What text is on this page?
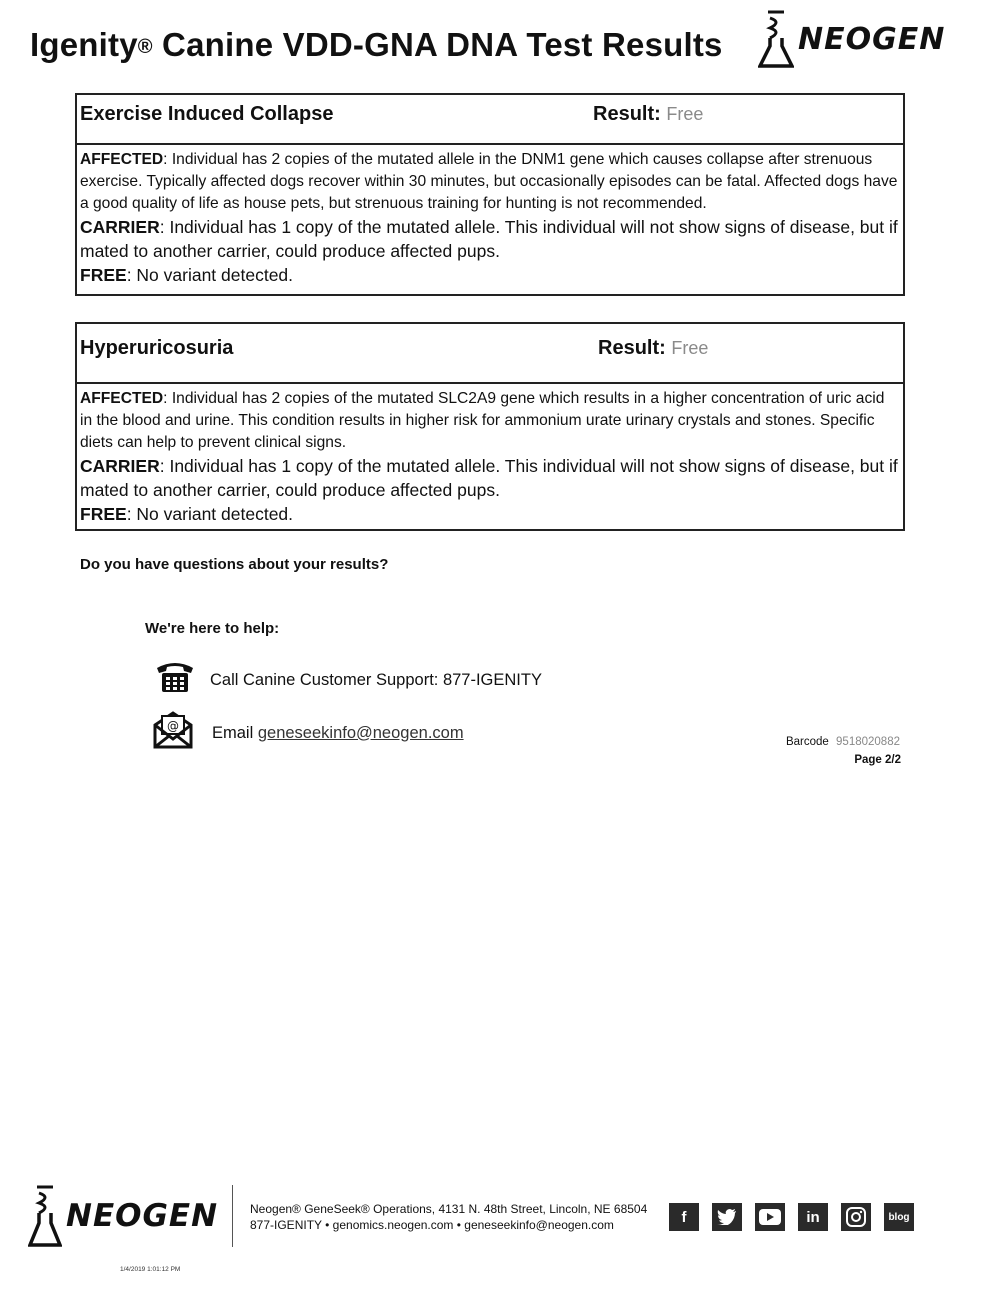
Igenity® Canine VDD-GNA DNA Test Results	NEOGEN
Exercise Induced Collapse	Result: Free
AFFECTED: Individual has 2 copies of the mutated allele in the DNM1 gene which causes collapse after strenuous exercise. Typically affected dogs recover within 30 minutes, but occasionally episodes can be fatal. Affected dogs have a good quality of life as house pets, but strenuous training for hunting is not recommended.
CARRIER: Individual has 1 copy of the mutated allele. This individual will not show signs of disease, but if mated to another carrier, could produce affected pups.
FREE: No variant detected.
Hyperuricosuria	Result: Free
AFFECTED: Individual has 2 copies of the mutated SLC2A9 gene which results in a higher concentration of uric acid in the blood and urine. This condition results in higher risk for ammonium urate urinary crystals and stones. Specific diets can help to prevent clinical signs.
CARRIER: Individual has 1 copy of the mutated allele. This individual will not show signs of disease, but if mated to another carrier, could produce affected pups.
FREE: No variant detected.
Do you have questions about your results?
We're here to help:
Call Canine Customer Support: 877-IGENITY
@ Email geneseekinfo@neogen.com
Barcode 9518020882
Page 2/2
NEOGEN	Neogen® GeneSeek® Operations, 4131 N. 48th Street, Lincoln, NE 68504
877-IGENITY • genomics.neogen.com • geneseekinfo@neogen.com	f	in	blog
1/4/2019 1:01:12 PM
